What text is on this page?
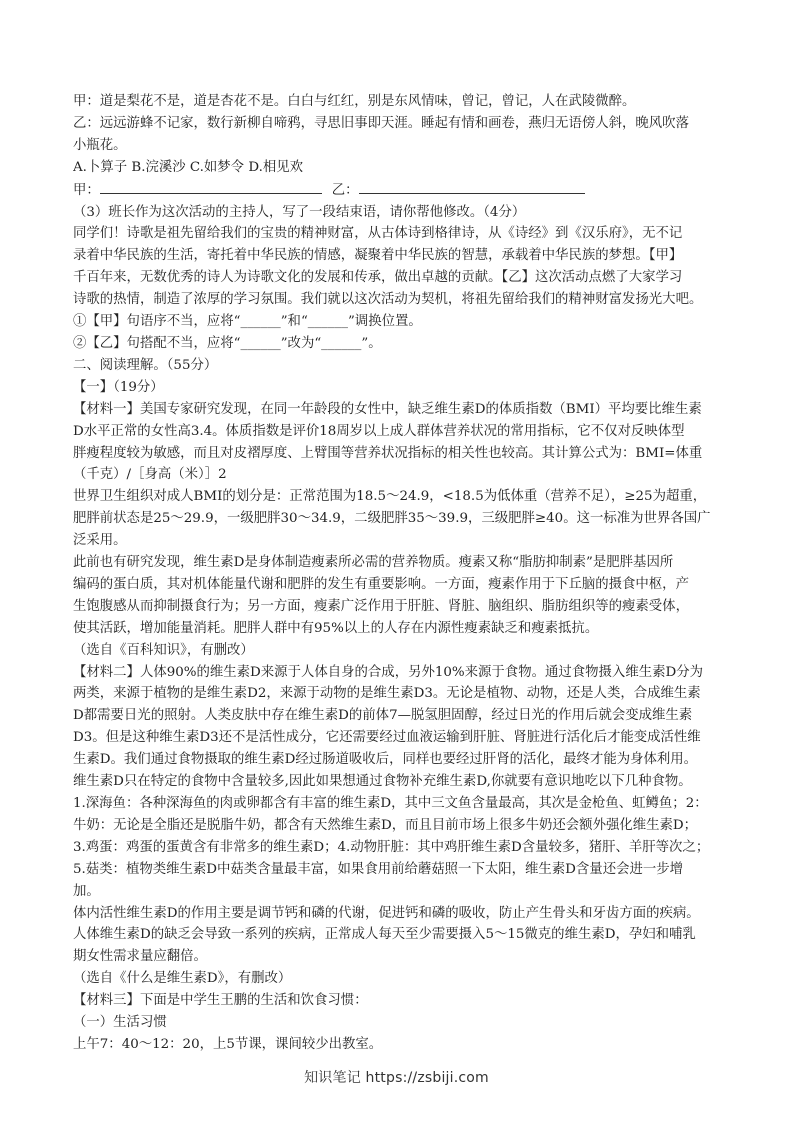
甲：道是梨花不是，道是杏花不是。白白与红红，别是东风情味，曾记，曾记，人在武陵微醉。
乙：远远游蜂不记家，数行新柳自啼鸦，寻思旧事即天涯。睡起有情和画卷，燕归无语傍人斜，晚风吹落
小瓶花。
A.卜算子 B.浣溪沙 C.如梦令 D.相见欢
甲：	乙：
（3）班长作为这次活动的主持人，写了一段结束语，请你帮他修改。（4分）
同学们！诗歌是祖先留给我们的宝贵的精神财富，从古体诗到格律诗，从《诗经》到《汉乐府》，无不记
录着中华民族的生活，寄托着中华民族的情感，凝聚着中华民族的智慧，承载着中华民族的梦想。【甲】
千百年来，无数优秀的诗人为诗歌文化的发展和传承，做出卓越的贡献。【乙】这次活动点燃了大家学习
诗歌的热情，制造了浓厚的学习氛围。我们就以这次活动为契机，将祖先留给我们的精神财富发扬光大吧。
①【甲】句语序不当，应将“______”和“______”调换位置。
②【乙】句搭配不当，应将“______”改为“______”。
二、阅读理解。（55分）
【一】（19分）
【材料一】美国专家研究发现，在同一年龄段的女性中，缺乏维生素D的体质指数（BMI）平均要比维生素
D水平正常的女性高3.4。体质指数是评价18周岁以上成人群体营养状况的常用指标，它不仅对反映体型
胖瘦程度较为敏感，而且对皮褶厚度、上臂围等营养状况指标的相关性也较高。其计算公式为：BMI=体重
（千克）/［身高（米）］2
世界卫生组织对成人BMI的划分是：正常范围为18.5～24.9，<18.5为低体重（营养不足），≥25为超重，
肥胖前状态是25～29.9，一级肥胖30～34.9，二级肥胖35～39.9，三级肥胖≥40。这一标准为世界各国广
泛采用。
此前也有研究发现，维生素D是身体制造瘦素所必需的营养物质。瘦素又称“脂肪抑制素”是肥胖基因所
编码的蛋白质，其对机体能量代谢和肥胖的发生有重要影响。一方面，瘦素作用于下丘脑的摄食中枢，产
生饱腹感从而抑制摄食行为；另一方面，瘦素广泛作用于肝脏、肾脏、脑组织、脂肪组织等的瘦素受体，
使其活跃，增加能量消耗。肥胖人群中有95%以上的人存在内源性瘦素缺乏和瘦素抵抗。
（选自《百科知识》，有删改）
【材料二】人体90%的维生素D来源于人体自身的合成，另外10%来源于食物。通过食物摄入维生素D分为
两类，来源于植物的是维生素D2，来源于动物的是维生素D3。无论是植物、动物，还是人类，合成维生素
D都需要日光的照射。人类皮肤中存在维生素D的前体7—脱氢胆固醇，经过日光的作用后就会变成维生素
D3。但是这种维生素D3还不是活性成分，它还需要经过血液运输到肝脏、肾脏进行活化后才能变成活性维
生素D。我们通过食物摄取的维生素D经过肠道吸收后，同样也要经过肝肾的活化，最终才能为身体利用。
维生素D只在特定的食物中含量较多,因此如果想通过食物补充维生素D,你就要有意识地吃以下几种食物。
1.深海鱼：各种深海鱼的肉或卵都含有丰富的维生素D，其中三文鱼含量最高，其次是金枪鱼、虹鳟鱼；2：
牛奶：无论是全脂还是脱脂牛奶，都含有天然维生素D，而且目前市场上很多牛奶还会额外强化维生素D；
3.鸡蛋：鸡蛋的蛋黄含有非常多的维生素D；4.动物肝脏：其中鸡肝维生素D含量较多，猪肝、羊肝等次之；
5.菇类：植物类维生素D中菇类含量最丰富，如果食用前给蘑菇照一下太阳，维生素D含量还会进一步增
加。
体内活性维生素D的作用主要是调节钙和磷的代谢，促进钙和磷的吸收，防止产生骨头和牙齿方面的疾病。
人体维生素D的缺乏会导致一系列的疾病，正常成人每天至少需要摄入5～15微克的维生素D，孕妇和哺乳
期女性需求量应翻倍。
（选自《什么是维生素D》，有删改）
【材料三】下面是中学生王鹏的生活和饮食习惯：
（一）生活习惯
上午7：40～12：20，上5节课，课间较少出教室。
知识笔记 https://zsbiji.com
